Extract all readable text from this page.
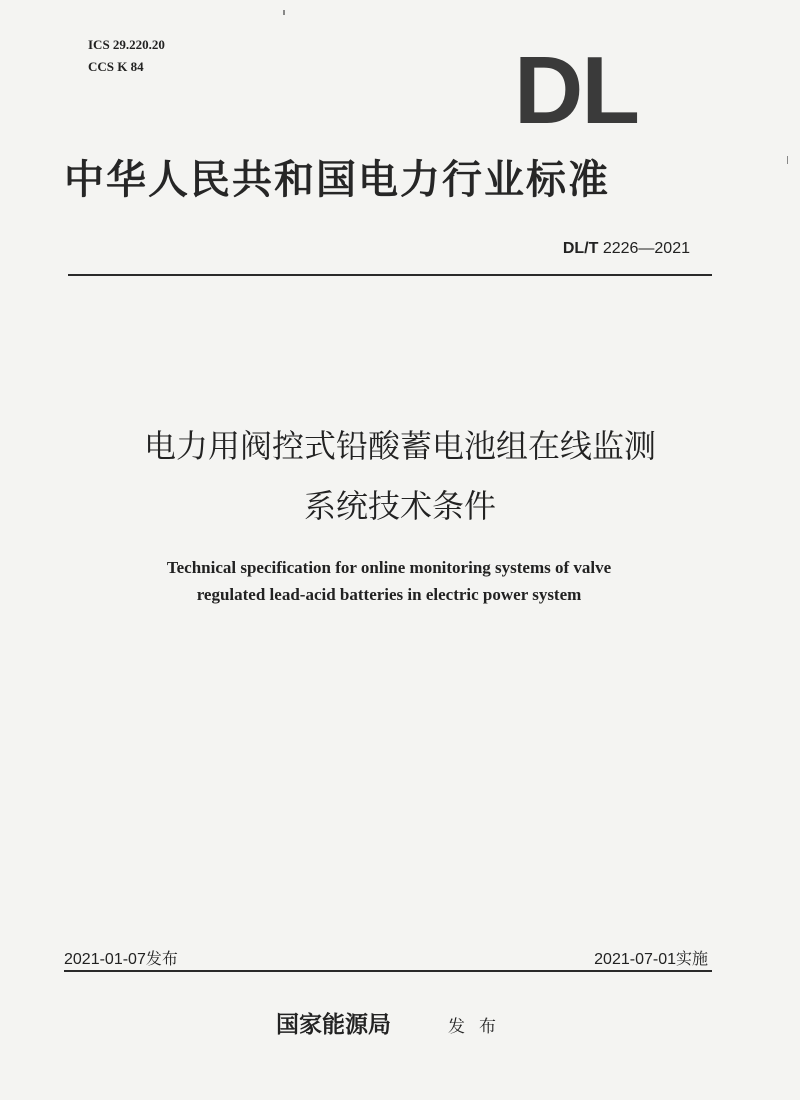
ICS 29.220.20
CCS K 84	DL
中华人民共和国电力行业标准
DL/T 2226—2021
电力用阀控式铅酸蓄电池组在线监测
系统技术条件
Technical specification for online monitoring systems of valve
regulated lead-acid batteries in electric power system
2021-01-07发布	2021-07-01实施
国家能源局	发布
